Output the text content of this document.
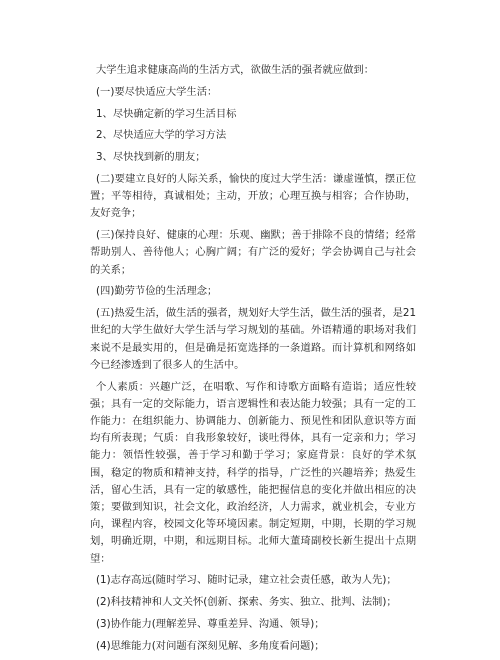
大学生追求健康高尚的生活方式，欲做生活的强者就应做到：

(一)要尽快适应大学生活：

1、尽快确定新的学习生活目标

2、尽快适应大学的学习方法

3、尽快找到新的朋友；

(二)要建立良好的人际关系，愉快的度过大学生活：谦虚谨慎，摆正位置；平等相待，真诚相处；主动，开放；心理互换与相容；合作协助，友好竞争；

(三)保持良好、健康的心理：乐观、幽默；善于排除不良的情绪；经常帮助别人、善待他人；心胸广阔；有广泛的爱好；学会协调自己与社会的关系；

(四)勤劳节俭的生活理念；

(五)热爱生活，做生活的强者，规划好大学生活，做生活的强者，是21世纪的大学生做好大学生活与学习规划的基础。外语精通的职场对我们来说不是最实用的，但是确是拓宽选择的一条道路。而计算机和网络如今已经渗透到了很多人的生活中。

个人素质：兴趣广泛，在唱歌、写作和诗歌方面略有造诣；适应性较强；具有一定的交际能力，语言逻辑性和表达能力较强；具有一定的工作能力：在组织能力、协调能力、创新能力、预见性和团队意识等方面均有所表现；气质：自我形象较好，谈吐得体，具有一定亲和力；学习能力：领悟性较强，善于学习和勤于学习；家庭背景：良好的学术氛围，稳定的物质和精神支持，科学的指导，广泛性的兴趣培养；热爱生活，留心生活，具有一定的敏感性，能把握信息的变化并做出相应的决策；要做到知识，社会文化，政治经济，人力需求，就业机会，专业方向，课程内容，校园文化等环境因素。制定短期，中期，长期的学习规划，明确近期，中期，和远期目标。北师大董琦副校长新生提出十点期望：

(1)志存高远(随时学习、随时记录，建立社会责任感，敢为人先)；

(2)科技精神和人文关怀(创新、探索、务实、独立、批判、法制)；

(3)协作能力(理解差异、尊重差异、沟通、领导)；

(4)思维能力(对问题有深刻见解、多角度看问题)；
